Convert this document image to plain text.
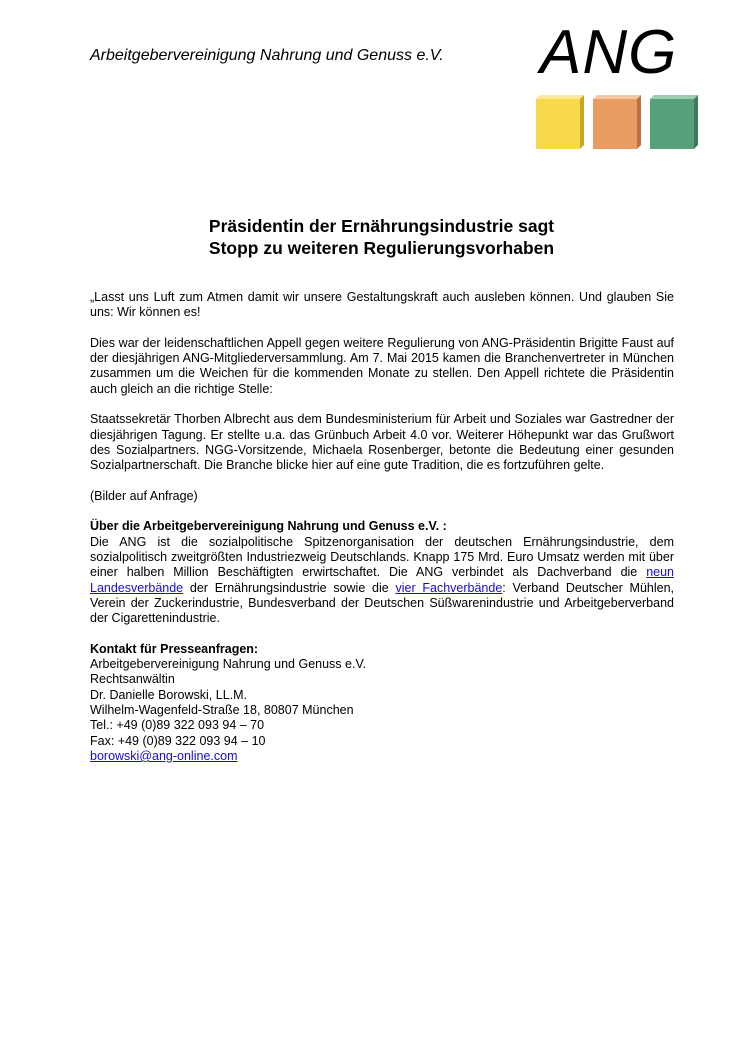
Arbeitgebervereinigung Nahrung und Genuss e.V. ANG
Präsidentin der Ernährungsindustrie sagt
Stopp zu weiteren Regulierungsvorhaben

„Lasst uns Luft zum Atmen damit wir unsere Gestaltungskraft auch ausleben können. Und glauben Sie uns: Wir können es!

Dies war der leidenschaftlichen Appell gegen weitere Regulierung von ANG-Präsidentin Brigitte Faust auf der diesjährigen ANG-Mitgliederversammlung. Am 7. Mai 2015 kamen die Branchenvertreter in München zusammen um die Weichen für die kommenden Monate zu stellen. Den Appell richtete die Präsidentin auch gleich an die richtige Stelle:

Staatssekretär Thorben Albrecht aus dem Bundesministerium für Arbeit und Soziales war Gastredner der diesjährigen Tagung. Er stellte u.a. das Grünbuch Arbeit 4.0 vor. Weiterer Höhepunkt war das Grußwort des Sozialpartners. NGG-Vorsitzende, Michaela Rosenberger, betonte die Bedeutung einer gesunden Sozialpartnerschaft. Die Branche blicke hier auf eine gute Tradition, die es fortzuführen gelte.

(Bilder auf Anfrage)

Über die Arbeitgebervereinigung Nahrung und Genuss e.V. :
Die ANG ist die sozialpolitische Spitzenorganisation der deutschen Ernährungsindustrie, dem sozialpolitisch zweitgrößten Industriezweig Deutschlands. Knapp 175 Mrd. Euro Umsatz werden mit über einer halben Million Beschäftigten erwirtschaftet. Die ANG verbindet als Dachverband die neun Landesverbände der Ernährungsindustrie sowie die vier Fachverbände: Verband Deutscher Mühlen, Verein der Zuckerindustrie, Bundesverband der Deutschen Süßwarenindustrie und Arbeitgeberverband der Cigarettenindustrie.

Kontakt für Presseanfragen:
Arbeitgebervereinigung Nahrung und Genuss e.V.
Rechtsanwältin
Dr. Danielle Borowski, LL.M.
Wilhelm-Wagenfeld-Straße 18, 80807 München
Tel.: +49 (0)89 322 093 94 – 70
Fax: +49 (0)89 322 093 94 – 10
borowski@ang-online.com
